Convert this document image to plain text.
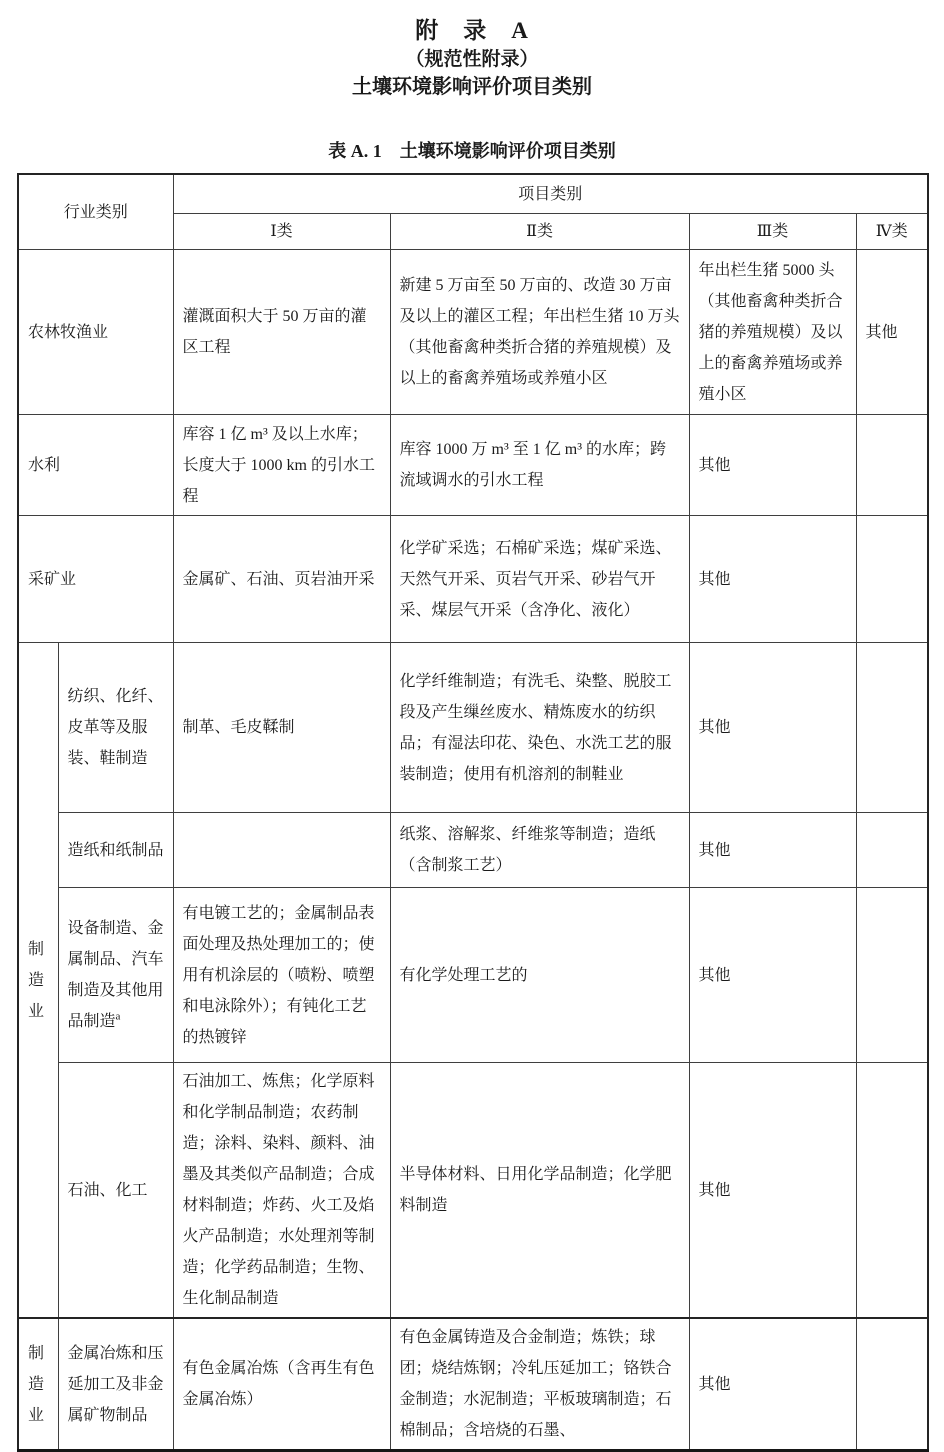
附　录　A
（规范性附录）
土壤环境影响评价项目类别
表 A. 1　土壤环境影响评价项目类别
行业类别		项目类别			
		Ⅰ类	Ⅱ类	Ⅲ类	Ⅳ类
农林牧渔业		灌溉面积大于 50 万亩的灌区工程	新建 5 万亩至 50 万亩的、改造 30 万亩及以上的灌区工程；年出栏生猪 10 万头（其他畜禽种类折合猪的养殖规模）及以上的畜禽养殖场或养殖小区	年出栏生猪 5000 头（其他畜禽种类折合猪的养殖规模）及以上的畜禽养殖场或养殖小区	其他
水利		库容 1 亿 m³ 及以上水库；长度大于 1000 km 的引水工程	库容 1000 万 m³ 至 1 亿 m³ 的水库；跨流域调水的引水工程	其他	
采矿业		金属矿、石油、页岩油开采	化学矿采选；石棉矿采选；煤矿采选、天然气开采、页岩气开采、砂岩气开采、煤层气开采（含净化、液化）	其他	
制造业	纺织、化纤、皮革等及服装、鞋制造	制革、毛皮鞣制	化学纤维制造；有洗毛、染整、脱胶工段及产生缫丝废水、精炼废水的纺织品；有湿法印花、染色、水洗工艺的服装制造；使用有机溶剂的制鞋业	其他	
	造纸和纸制品		纸浆、溶解浆、纤维浆等制造；造纸（含制浆工艺）	其他	
	设备制造、金属制品、汽车制造及其他用品制造$^a$	有电镀工艺的；金属制品表面处理及热处理加工的；使用有机涂层的（喷粉、喷塑和电泳除外）；有钝化工艺的热镀锌	有化学处理工艺的	其他	
	石油、化工	石油加工、炼焦；化学原料和化学制品制造；农药制造；涂料、染料、颜料、油墨及其类似产品制造；合成材料制造；炸药、火工及焰火产品制造；水处理剂等制造；化学药品制造；生物、生化制品制造	半导体材料、日用化学品制造；化学肥料制造	其他	
制造业	金属冶炼和压延加工及非金属矿物制品	有色金属冶炼（含再生有色金属冶炼）	有色金属铸造及合金制造；炼铁；球团；烧结炼钢；冷轧压延加工；铬铁合金制造；水泥制造；平板玻璃制造；石棉制品；含培烧的石墨、	其他	
